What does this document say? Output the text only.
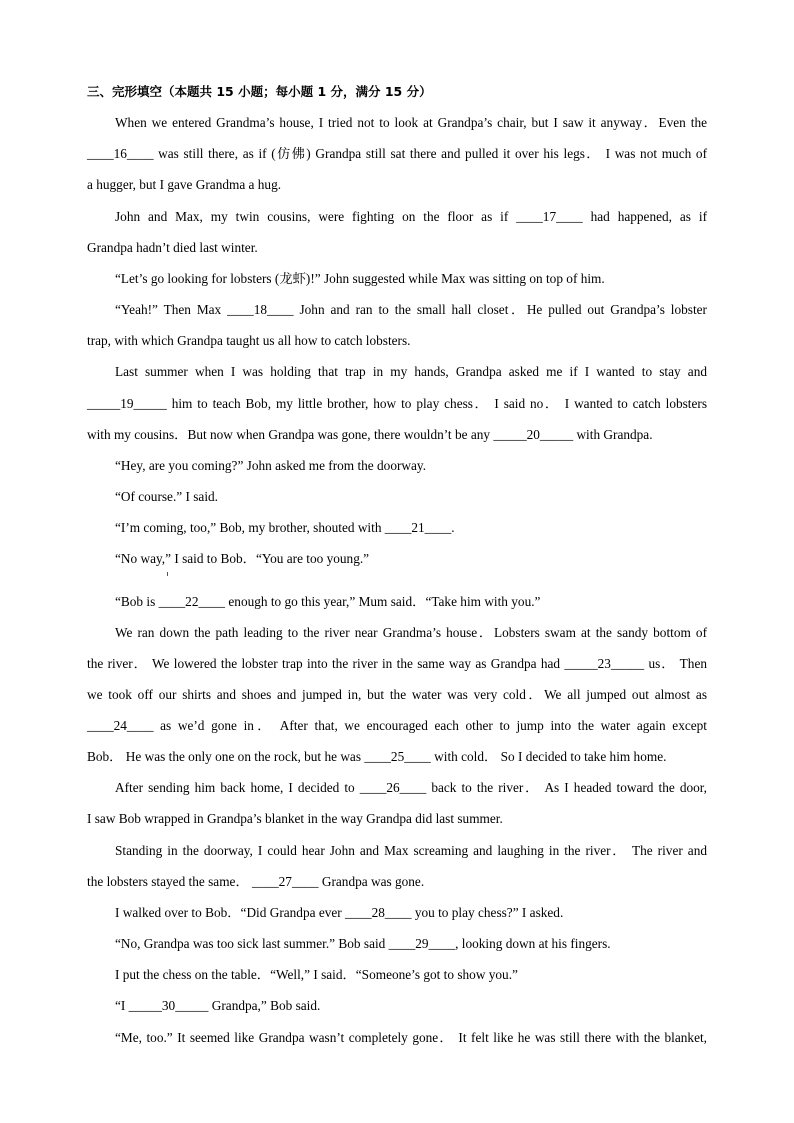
三、完形填空（本题共 15 小题；每小题 1 分，满分 15 分）
When we entered Grandma’s house, I tried not to look at Grandpa’s chair, but I saw it anyway．Even the
____16____ was still there, as if (仿佛) Grandpa still sat there and pulled it over his legs． I was not much of
a hugger, but I gave Grandma a hug.
John and Max, my twin cousins, were fighting on the floor as if ____17____ had happened, as if
Grandpa hadn’t died last winter.
“Let’s go looking for lobsters (龙虾)!” John suggested while Max was sitting on top of him.
“Yeah!” Then Max ____18____ John and ran to the small hall closet．He pulled out Grandpa’s lobster
trap, with which Grandpa taught us all how to catch lobsters.
Last summer when I was holding that trap in my hands, Grandpa asked me if I wanted to stay and
_____19_____ him to teach Bob, my little brother, how to play chess． I said no． I wanted to catch lobsters
with my cousins．But now when Grandpa was gone, there wouldn’t be any _____20_____ with Grandpa.
“Hey, are you coming?” John asked me from the doorway.
“Of course.” I said.
“I’m coming, too,” Bob, my brother, shouted with ____21____.
“No way,” I said to Bob．“You are too young.”
“Bob is ____22____ enough to go this year,” Mum said．“Take him with you.”
We ran down the path leading to the river near Grandma’s house．Lobsters swam at the sandy bottom of
the river． We lowered the lobster trap into the river in the same way as Grandpa had _____23_____ us． Then
we took off our shirts and shoes and jumped in, but the water was very cold．We all jumped out almost as
____24____ as we’d gone in． After that, we encouraged each other to jump into the water again except
Bob． He was the only one on the rock, but he was ____25____ with cold． So I decided to take him home.
After sending him back home, I decided to ____26____ back to the river． As I headed toward the door,
I saw Bob wrapped in Grandpa’s blanket in the way Grandpa did last summer.
Standing in the doorway, I could hear John and Max screaming and laughing in the river． The river and
the lobsters stayed the same． ____27____ Grandpa was gone.
I walked over to Bob．“Did Grandpa ever ____28____ you to play chess?” I asked.
“No, Grandpa was too sick last summer.” Bob said ____29____, looking down at his fingers.
I put the chess on the table．“Well,” I said．“Someone’s got to show you.”
“I _____30_____ Grandpa,” Bob said.
“Me, too.” It seemed like Grandpa wasn’t completely gone． It felt like he was still there with the blanket,
